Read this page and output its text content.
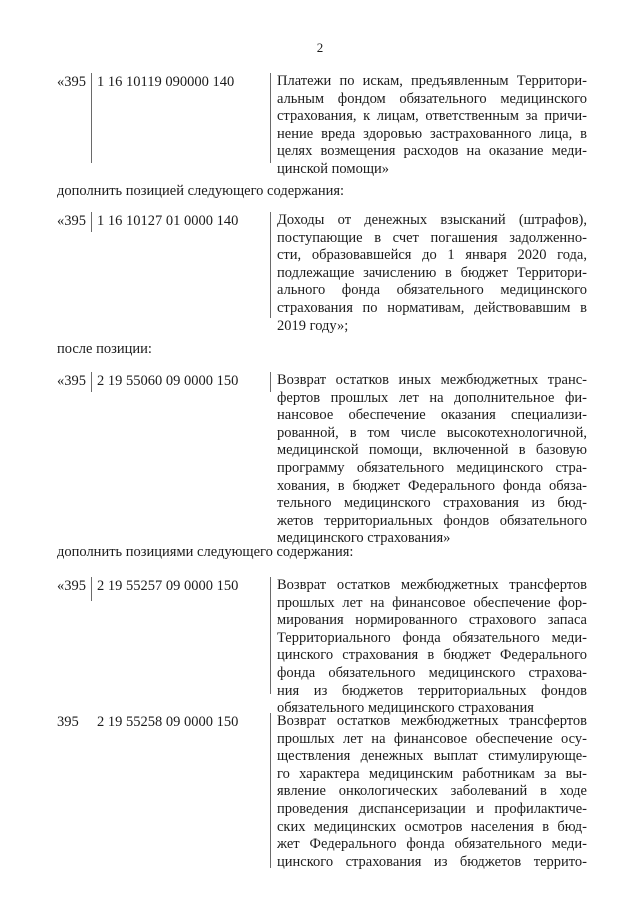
2
«395 1 16 10119 090000 140	Платежи по искам, предъявленным Территори-
альным фондом обязательного медицинского
страхования, к лицам, ответственным за причи-
нение вреда здоровью застрахованного лица, в
целях возмещения расходов на оказание меди-
цинской помощи»
дополнить позицией следующего содержания:
«395 1 16 10127 01 0000 140	Доходы от денежных взысканий (штрафов),
поступающие в счет погашения задолженно-
сти, образовавшейся до 1 января 2020 года,
подлежащие зачислению в бюджет Территори-
ального фонда обязательного медицинского
страхования по нормативам, действовавшим в
2019 году»;
после позиции:
«395 2 19 55060 09 0000 150	Возврат остатков иных межбюджетных транс-
фертов прошлых лет на дополнительное фи-
нансовое обеспечение оказания специализи-
рованной, в том числе высокотехнологичной,
медицинской помощи, включенной в базовую
программу обязательного медицинского стра-
хования, в бюджет Федерального фонда обяза-
тельного медицинского страхования из бюд-
жетов территориальных фондов обязательного
медицинского страхования»
дополнить позициями следующего содержания:
«395 2 19 55257 09 0000 150	Возврат остатков межбюджетных трансфертов
прошлых лет на финансовое обеспечение фор-
мирования нормированного страхового запаса
Территориального фонда обязательного меди-
цинского страхования в бюджет Федерального
фонда обязательного медицинского страхова-
ния из бюджетов территориальных фондов
обязательного медицинского страхования
395 2 19 55258 09 0000 150	Возврат остатков межбюджетных трансфертов
прошлых лет на финансовое обеспечение осу-
ществления денежных выплат стимулирующе-
го характера медицинским работникам за вы-
явление онкологических заболеваний в ходе
проведения диспансеризации и профилактиче-
ских медицинских осмотров населения в бюд-
жет Федерального фонда обязательного меди-
цинского страхования из бюджетов террито-
